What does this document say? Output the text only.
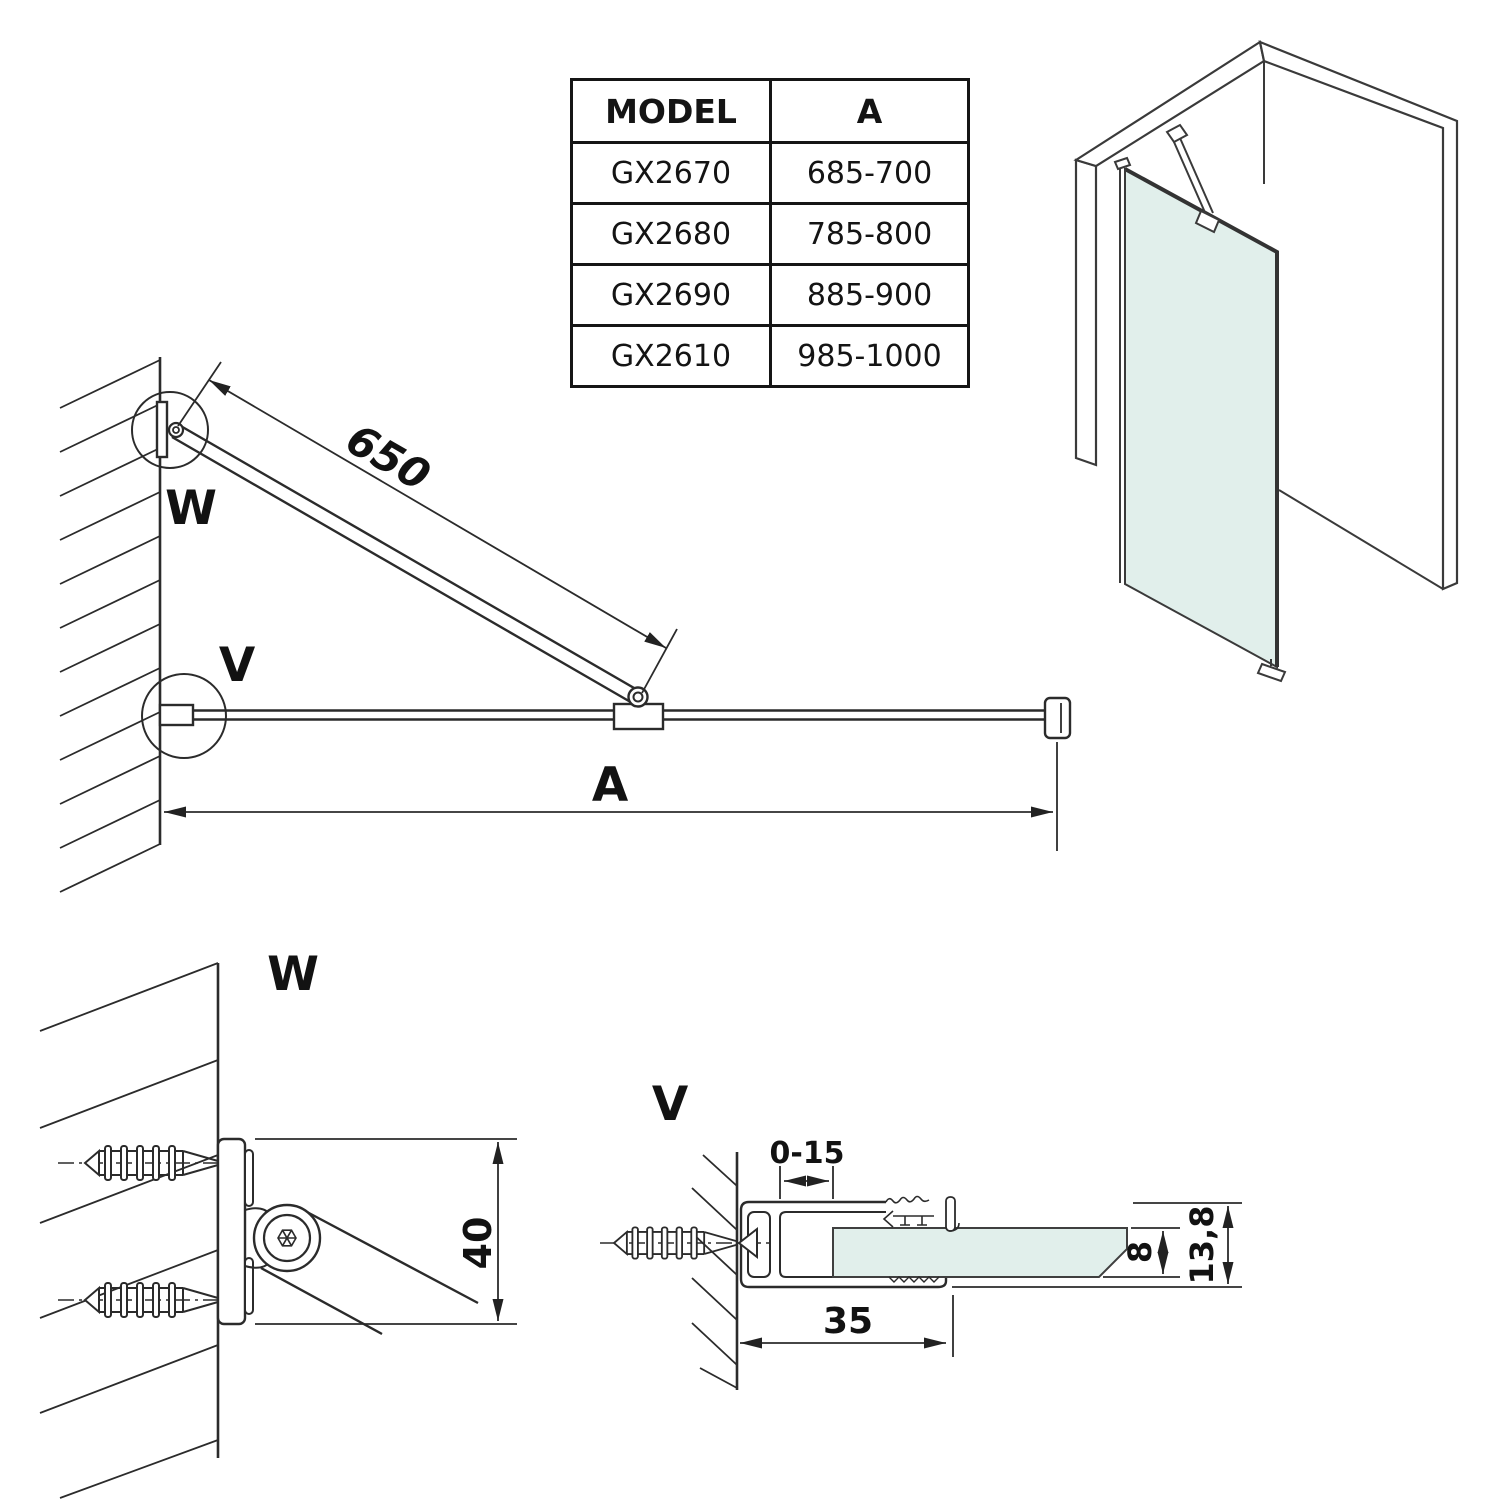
650
A
W
V
W
40
V
0-15
35
8 13,8
MODEL	A
GX2670	685-700
GX2680	785-800
GX2690	885-900
GX2610	985-1000
